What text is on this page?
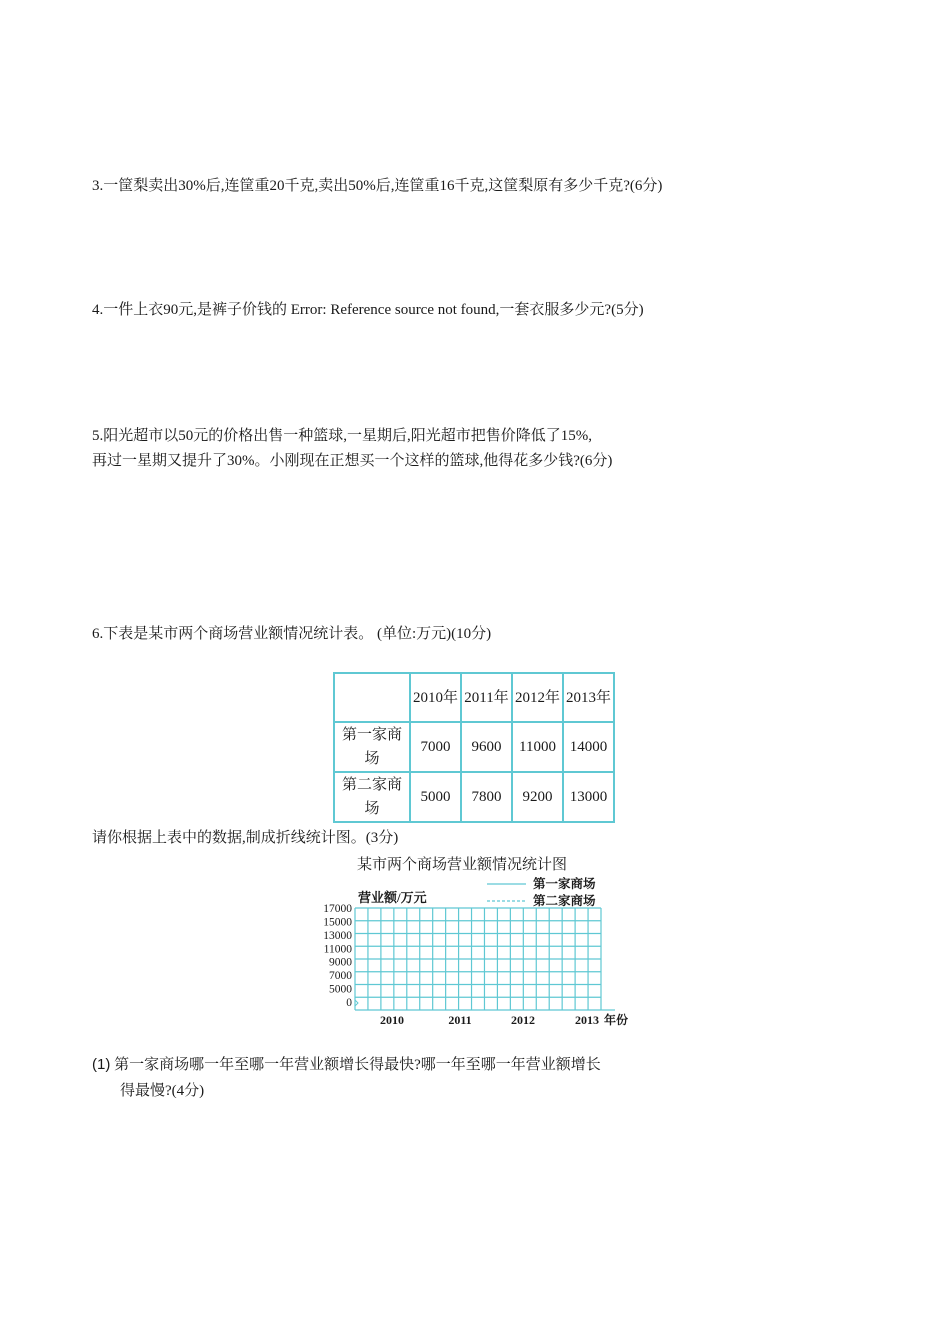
3.一筐梨卖出30%后,连筐重20千克,卖出50%后,连筐重16千克,这筐梨原有多少千克?(6分)
4.一件上衣90元,是裤子价钱的 Error: Reference source not found,一套衣服多少元?(5分)
5.阳光超市以50元的价格出售一种篮球,一星期后,阳光超市把售价降低了15%,
再过一星期又提升了30%。小刚现在正想买一个这样的篮球,他得花多少钱?(6分)
6.下表是某市两个商场营业额情况统计表。 (单位:万元)(10分)
	2010年	2011年	2012年	2013年
第一家商场	7000	9600	11000	14000
第二家商场	5000	7800	9200	13000
请你根据上表中的数据,制成折线统计图。(3分)
某市两个商场营业额情况统计图
营业额/万元
17000
15000
13000
11000
9000
7000
5000
0
2010	2011	2012	2013 年份
第一家商场
第二家商场
(1) 第一家商场哪一年至哪一年营业额增长得最快?哪一年至哪一年营业额增长
得最慢?(4分)
